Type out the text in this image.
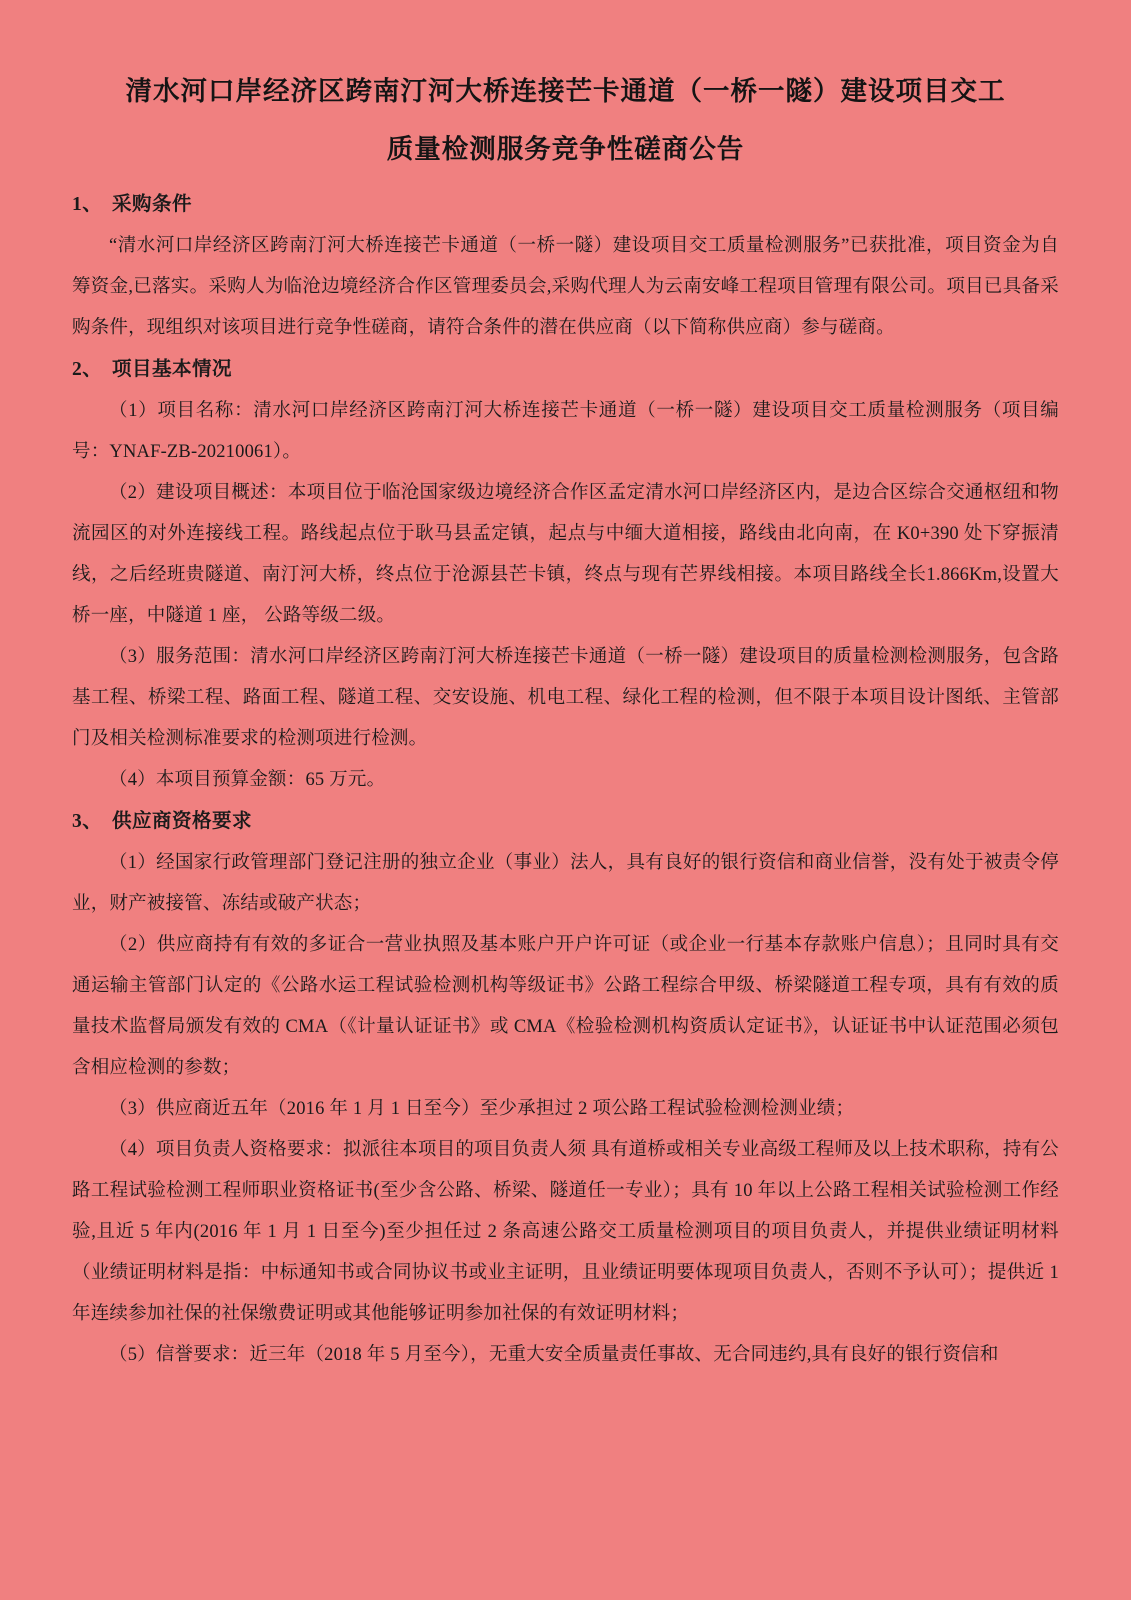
清水河口岸经济区跨南汀河大桥连接芒卡通道（一桥一隧）建设项目交工
质量检测服务竞争性磋商公告
1、 采购条件

“清水河口岸经济区跨南汀河大桥连接芒卡通道（一桥一隧）建设项目交工质量检测服务”已获批准，项目资金为自筹资金,已落实。采购人为临沧边境经济合作区管理委员会,采购代理人为云南安峰工程项目管理有限公司。项目已具备采购条件，现组织对该项目进行竞争性磋商，请符合条件的潜在供应商（以下简称供应商）参与磋商。

2、 项目基本情况

（1）项目名称：清水河口岸经济区跨南汀河大桥连接芒卡通道（一桥一隧）建设项目交工质量检测服务（项目编号：YNAF-ZB-20210061）。

（2）建设项目概述：本项目位于临沧国家级边境经济合作区孟定清水河口岸经济区内，是边合区综合交通枢纽和物流园区的对外连接线工程。路线起点位于耿马县孟定镇，起点与中缅大道相接，路线由北向南，在 K0+390 处下穿振清线，之后经班贵隧道、南汀河大桥，终点位于沧源县芒卡镇，终点与现有芒界线相接。本项目路线全长1.866Km,设置大桥一座，中隧道 1 座， 公路等级二级。

（3）服务范围：清水河口岸经济区跨南汀河大桥连接芒卡通道（一桥一隧）建设项目的质量检测检测服务，包含路基工程、桥梁工程、路面工程、隧道工程、交安设施、机电工程、绿化工程的检测，但不限于本项目设计图纸、主管部门及相关检测标准要求的检测项进行检测。

（4）本项目预算金额：65 万元。

3、 供应商资格要求

（1）经国家行政管理部门登记注册的独立企业（事业）法人，具有良好的银行资信和商业信誉，没有处于被责令停业，财产被接管、冻结或破产状态；

（2）供应商持有有效的多证合一营业执照及基本账户开户许可证（或企业一行基本存款账户信息）；且同时具有交通运输主管部门认定的《公路水运工程试验检测机构等级证书》公路工程综合甲级、桥梁隧道工程专项，具有有效的质量技术监督局颁发有效的 CMA（《计量认证证书》或 CMA《检验检测机构资质认定证书》，认证证书中认证范围必须包含相应检测的参数；

（3）供应商近五年（2016 年 1 月 1 日至今）至少承担过 2 项公路工程试验检测检测业绩；

（4）项目负责人资格要求：拟派往本项目的项目负责人须 具有道桥或相关专业高级工程师及以上技术职称，持有公路工程试验检测工程师职业资格证书(至少含公路、桥梁、隧道任一专业）；具有 10 年以上公路工程相关试验检测工作经验,且近 5 年内(2016 年 1 月 1 日至今)至少担任过 2 条高速公路交工质量检测项目的项目负责人，并提供业绩证明材料（业绩证明材料是指：中标通知书或合同协议书或业主证明，且业绩证明要体现项目负责人，否则不予认可）；提供近 1 年连续参加社保的社保缴费证明或其他能够证明参加社保的有效证明材料；

（5）信誉要求：近三年（2018 年 5 月至今），无重大安全质量责任事故、无合同违约,具有良好的银行资信和
